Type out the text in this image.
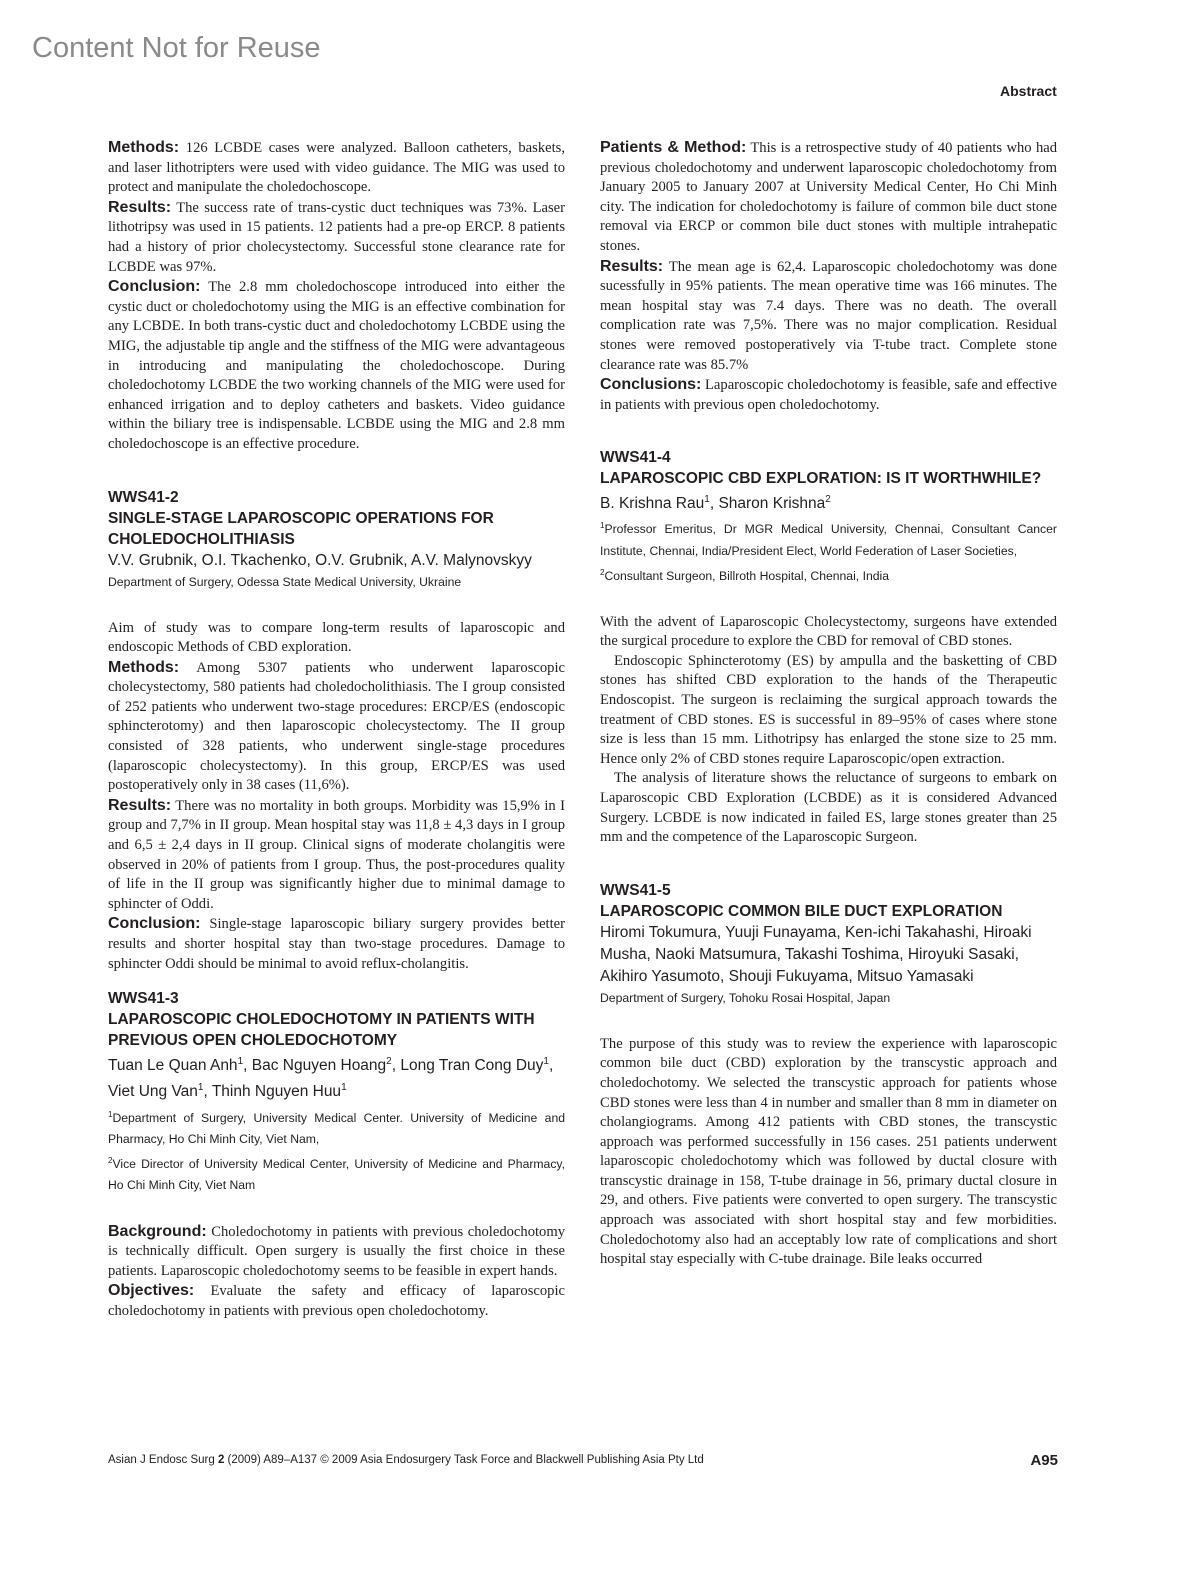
Content Not for Reuse
Abstract

Methods: 126 LCBDE cases were analyzed. Balloon catheters, baskets, and laser lithotripters were used with video guidance. The MIG was used to protect and manipulate the choledochoscope.

Results: The success rate of trans-cystic duct techniques was 73%. Laser lithotripsy was used in 15 patients. 12 patients had a pre-op ERCP. 8 patients had a history of prior cholecystectomy. Successful stone clearance rate for LCBDE was 97%.

Conclusion: The 2.8 mm choledochoscope introduced into either the cystic duct or choledochotomy using the MIG is an effective combination for any LCBDE. In both trans-cystic duct and choledochotomy LCBDE using the MIG, the adjustable tip angle and the stiffness of the MIG were advantageous in introducing and manipulating the choledochoscope. During choledochotomy LCBDE the two working channels of the MIG were used for enhanced irrigation and to deploy catheters and baskets. Video guidance within the biliary tree is indispensable. LCBDE using the MIG and 2.8 mm choledochoscope is an effective procedure.

WWS41-2

SINGLE-STAGE LAPAROSCOPIC OPERATIONS FOR CHOLEDOCHOLITHIASIS

V.V. Grubnik, O.I. Tkachenko, O.V. Grubnik, A.V. Malynovskyy

Department of Surgery, Odessa State Medical University, Ukraine

Aim of study was to compare long-term results of laparoscopic and endoscopic Methods of CBD exploration.

Methods: Among 5307 patients who underwent laparoscopic cholecystectomy, 580 patients had choledocholithiasis. The I group consisted of 252 patients who underwent two-stage procedures: ERCP/ES (endoscopic sphincterotomy) and then laparoscopic cholecystectomy. The II group consisted of 328 patients, who underwent single-stage procedures (laparoscopic cholecystectomy). In this group, ERCP/ES was used postoperatively only in 38 cases (11,6%).

Results: There was no mortality in both groups. Morbidity was 15,9% in I group and 7,7% in II group. Mean hospital stay was 11,8 ± 4,3 days in I group and 6,5 ± 2,4 days in II group. Clinical signs of moderate cholangitis were observed in 20% of patients from I group. Thus, the post-procedures quality of life in the II group was significantly higher due to minimal damage to sphincter of Oddi.

Conclusion: Single-stage laparoscopic biliary surgery provides better results and shorter hospital stay than two-stage procedures. Damage to sphincter Oddi should be minimal to avoid reflux-cholangitis.

WWS41-3

LAPAROSCOPIC CHOLEDOCHOTOMY IN PATIENTS WITH PREVIOUS OPEN CHOLEDOCHOTOMY

Tuan Le Quan Anh$^1$, Bac Nguyen Hoang$^2$, Long Tran Cong Duy$^1$, Viet Ung Van$^1$, Thinh Nguyen Huu$^1$

$^1$Department of Surgery, University Medical Center. University of Medicine and Pharmacy, Ho Chi Minh City, Viet Nam,

$^2$Vice Director of University Medical Center, University of Medicine and Pharmacy, Ho Chi Minh City, Viet Nam

Background: Choledochotomy in patients with previous choledochotomy is technically difficult. Open surgery is usually the first choice in these patients. Laparoscopic choledochotomy seems to be feasible in expert hands.

Objectives: Evaluate the safety and efficacy of laparoscopic choledochotomy in patients with previous open choledochotomy.

Patients & Method: This is a retrospective study of 40 patients who had previous choledochotomy and underwent laparoscopic choledochotomy from January 2005 to January 2007 at University Medical Center, Ho Chi Minh city. The indication for choledochotomy is failure of common bile duct stone removal via ERCP or common bile duct stones with multiple intrahepatic stones.

Results: The mean age is 62,4. Laparoscopic choledochotomy was done sucessfully in 95% patients. The mean operative time was 166 minutes. The mean hospital stay was 7.4 days. There was no death. The overall complication rate was 7,5%. There was no major complication. Residual stones were removed postoperatively via T-tube tract. Complete stone clearance rate was 85.7%

Conclusions: Laparoscopic choledochotomy is feasible, safe and effective in patients with previous open choledochotomy.

WWS41-4

LAPAROSCOPIC CBD EXPLORATION: IS IT WORTHWHILE?

B. Krishna Rau$^1$, Sharon Krishna$^2$

$^1$Professor Emeritus, Dr MGR Medical University, Chennai, Consultant Cancer Institute, Chennai, India/President Elect, World Federation of Laser Societies,

$^2$Consultant Surgeon, Billroth Hospital, Chennai, India

With the advent of Laparoscopic Cholecystectomy, surgeons have extended the surgical procedure to explore the CBD for removal of CBD stones.

Endoscopic Sphincterotomy (ES) by ampulla and the basketting of CBD stones has shifted CBD exploration to the hands of the Therapeutic Endoscopist. The surgeon is reclaiming the surgical approach towards the treatment of CBD stones. ES is successful in 89–95% of cases where stone size is less than 15 mm. Lithotripsy has enlarged the stone size to 25 mm. Hence only 2% of CBD stones require Laparoscopic/open extraction.

The analysis of literature shows the reluctance of surgeons to embark on Laparoscopic CBD Exploration (LCBDE) as it is considered Advanced Surgery. LCBDE is now indicated in failed ES, large stones greater than 25 mm and the competence of the Laparoscopic Surgeon.

WWS41-5

LAPAROSCOPIC COMMON BILE DUCT EXPLORATION

Hiromi Tokumura, Yuuji Funayama, Ken-ichi Takahashi, Hiroaki Musha, Naoki Matsumura, Takashi Toshima, Hiroyuki Sasaki, Akihiro Yasumoto, Shouji Fukuyama, Mitsuo Yamasaki

Department of Surgery, Tohoku Rosai Hospital, Japan

The purpose of this study was to review the experience with laparoscopic common bile duct (CBD) exploration by the transcystic approach and choledochotomy. We selected the transcystic approach for patients whose CBD stones were less than 4 in number and smaller than 8 mm in diameter on cholangiograms. Among 412 patients with CBD stones, the transcystic approach was performed successfully in 156 cases. 251 patients underwent laparoscopic choledochotomy which was followed by ductal closure with transcystic drainage in 158, T-tube drainage in 56, primary ductal closure in 29, and others. Five patients were converted to open surgery. The transcystic approach was associated with short hospital stay and few morbidities. Choledochotomy also had an acceptably low rate of complications and short hospital stay especially with C-tube drainage. Bile leaks occurred

Asian J Endosc Surg 2 (2009) A89–A137 © 2009 Asia Endosurgery Task Force and Blackwell Publishing Asia Pty Ltd	A95
